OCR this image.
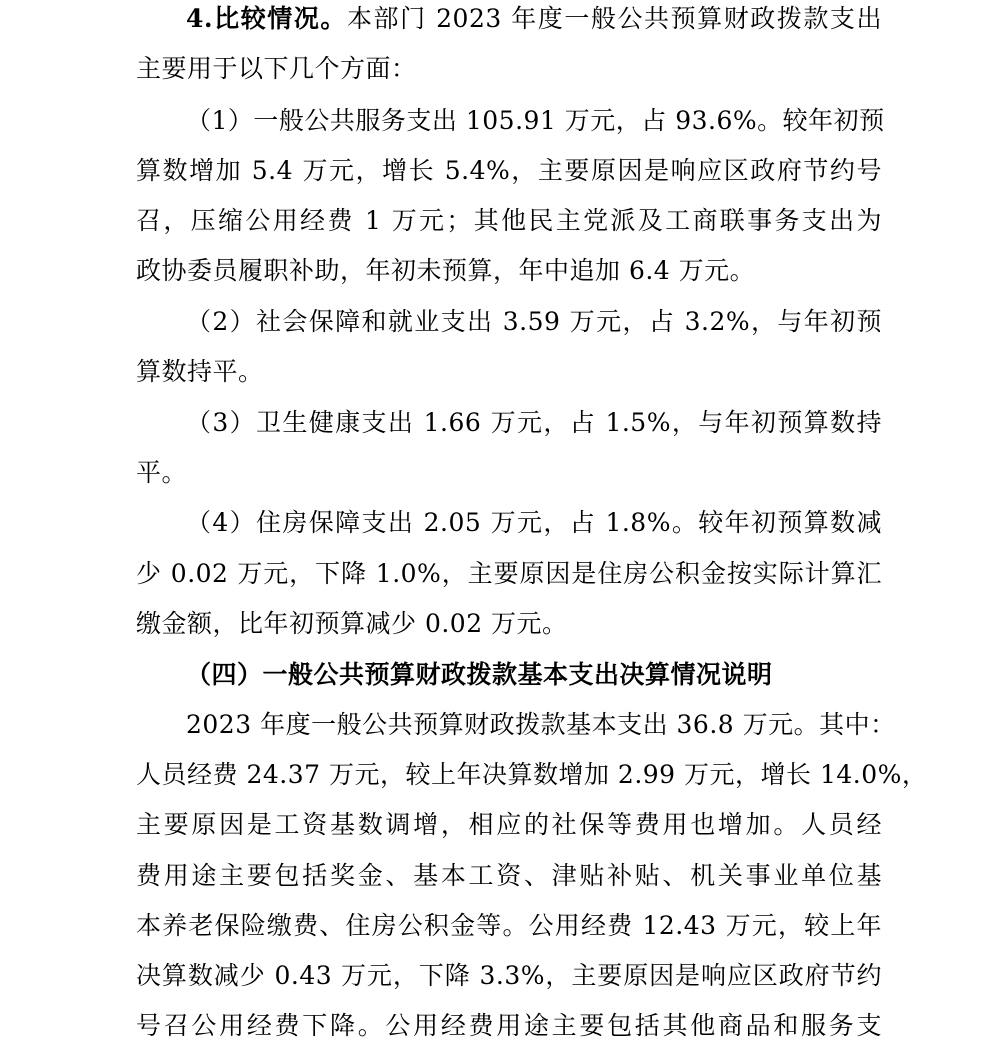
4.比较情况。本部门 2023 年度一般公共预算财政拨款支出
主要用于以下几个方面：
（1）一般公共服务支出 105.91 万元，占 93.6%。较年初预
算数增加 5.4 万元，增长 5.4%，主要原因是响应区政府节约号
召，压缩公用经费 1 万元；其他民主党派及工商联事务支出为
政协委员履职补助，年初未预算，年中追加 6.4 万元。
（2）社会保障和就业支出 3.59 万元，占 3.2%，与年初预
算数持平。
（3）卫生健康支出 1.66 万元，占 1.5%，与年初预算数持
平。
（4）住房保障支出 2.05 万元，占 1.8%。较年初预算数减
少 0.02 万元，下降 1.0%，主要原因是住房公积金按实际计算汇
缴金额，比年初预算减少 0.02 万元。
（四）一般公共预算财政拨款基本支出决算情况说明
2023 年度一般公共预算财政拨款基本支出 36.8 万元。其中：
人员经费 24.37 万元，较上年决算数增加 2.99 万元，增长 14.0%，
主要原因是工资基数调增，相应的社保等费用也增加。人员经
费用途主要包括奖金、基本工资、津贴补贴、机关事业单位基
本养老保险缴费、住房公积金等。公用经费 12.43 万元，较上年
决算数减少 0.43 万元，下降 3.3%，主要原因是响应区政府节约
号召公用经费下降。公用经费用途主要包括其他商品和服务支
